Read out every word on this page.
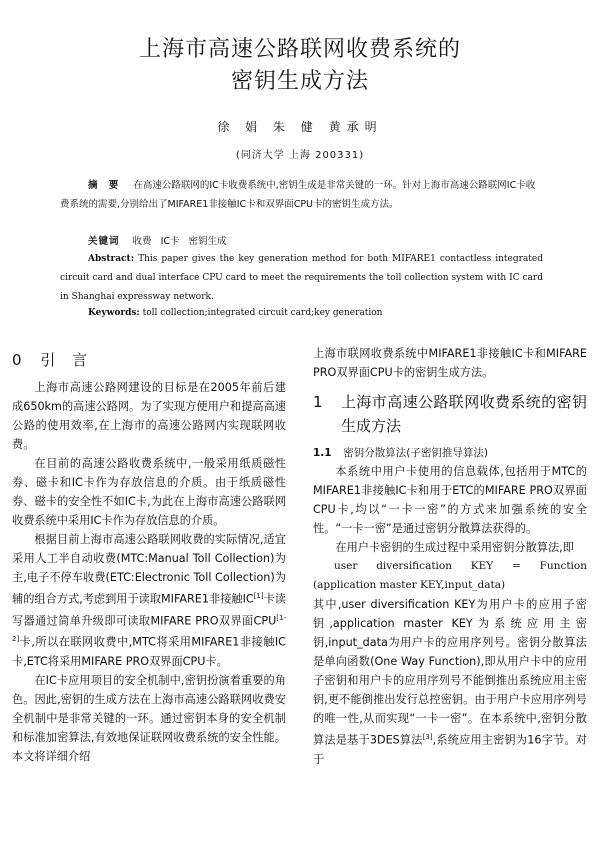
上海市高速公路联网收费系统的
密钥生成方法
徐 娟 朱 健 黄承明
(同济大学 上海 200331)
摘 要 在高速公路联网的IC卡收费系统中,密钥生成是非常关键的一环。针对上海市高速公路联网IC卡收费系统的需要,分别给出了MIFARE1非接触IC卡和双界面CPU卡的密钥生成方法。
关键词 收费 IC卡 密钥生成
Abstract: This paper gives the key generation method for both MIFARE1 contactless integrated circuit card and dual interface CPU card to meet the requirements the toll collection system with IC card in Shanghai expressway network.
Keywords: toll collection;integrated circuit card;key generation
0 引 言

上海市高速公路网建设的目标是在2005年前后建成650km的高速公路网。为了实现方便用户和提高高速公路的使用效率,在上海市的高速公路网内实现联网收费。

在目前的高速公路收费系统中,一般采用纸质磁性券、磁卡和IC卡作为存放信息的介质。由于纸质磁性券、磁卡的安全性不如IC卡,为此在上海市高速公路联网收费系统中采用IC卡作为存放信息的介质。

根据目前上海市高速公路联网收费的实际情况,适宜采用人工半自动收费(MTC:Manual Toll Collection)为主,电子不停车收费(ETC:Electronic Toll Collection)为辅的组合方式,考虑到用于读取MIFARE1非接触IC[1]卡读写器通过简单升级即可读取MIFARE PRO双界面CPU[1-2]卡,所以在联网收费中,MTC将采用MIFARE1非接触IC卡,ETC将采用MIFARE PRO双界面CPU卡。

在IC卡应用项目的安全机制中,密钥扮演着重要的角色。因此,密钥的生成方法在上海市高速公路联网收费安全机制中是非常关键的一环。通过密钥本身的安全机制和标准加密算法,有效地保证联网收费系统的安全性能。本文将详细介绍

上海市联网收费系统中MIFARE1非接触IC卡和MIFARE PRO双界面CPU卡的密钥生成方法。

1	上海市高速公路联网收费系统的密钥生成方法
1.1 密钥分散算法(子密钥推导算法)

本系统中用户卡使用的信息载体,包括用于MTC的MIFARE1非接触IC卡和用于ETC的MIFARE PRO双界面CPU卡,均以“一卡一密”的方式来加强系统的安全性。“一卡一密”是通过密钥分散算法获得的。

在用户卡密钥的生成过程中采用密钥分散算法,即

user diversification KEY = Function (application master KEY,input_data)

其中,user diversification KEY为用户卡的应用子密钥,application master KEY为系统应用主密钥,input_data为用户卡的应用序列号。密钥分散算法是单向函数(One Way Function),即从用户卡中的应用子密钥和用户卡的应用序列号不能倒推出系统应用主密钥,更不能倒推出发行总控密钥。由于用户卡应用序列号的唯一性,从而实现“一卡一密”。在本系统中,密钥分散算法是基于3DES算法[3],系统应用主密钥为16字节。对于
